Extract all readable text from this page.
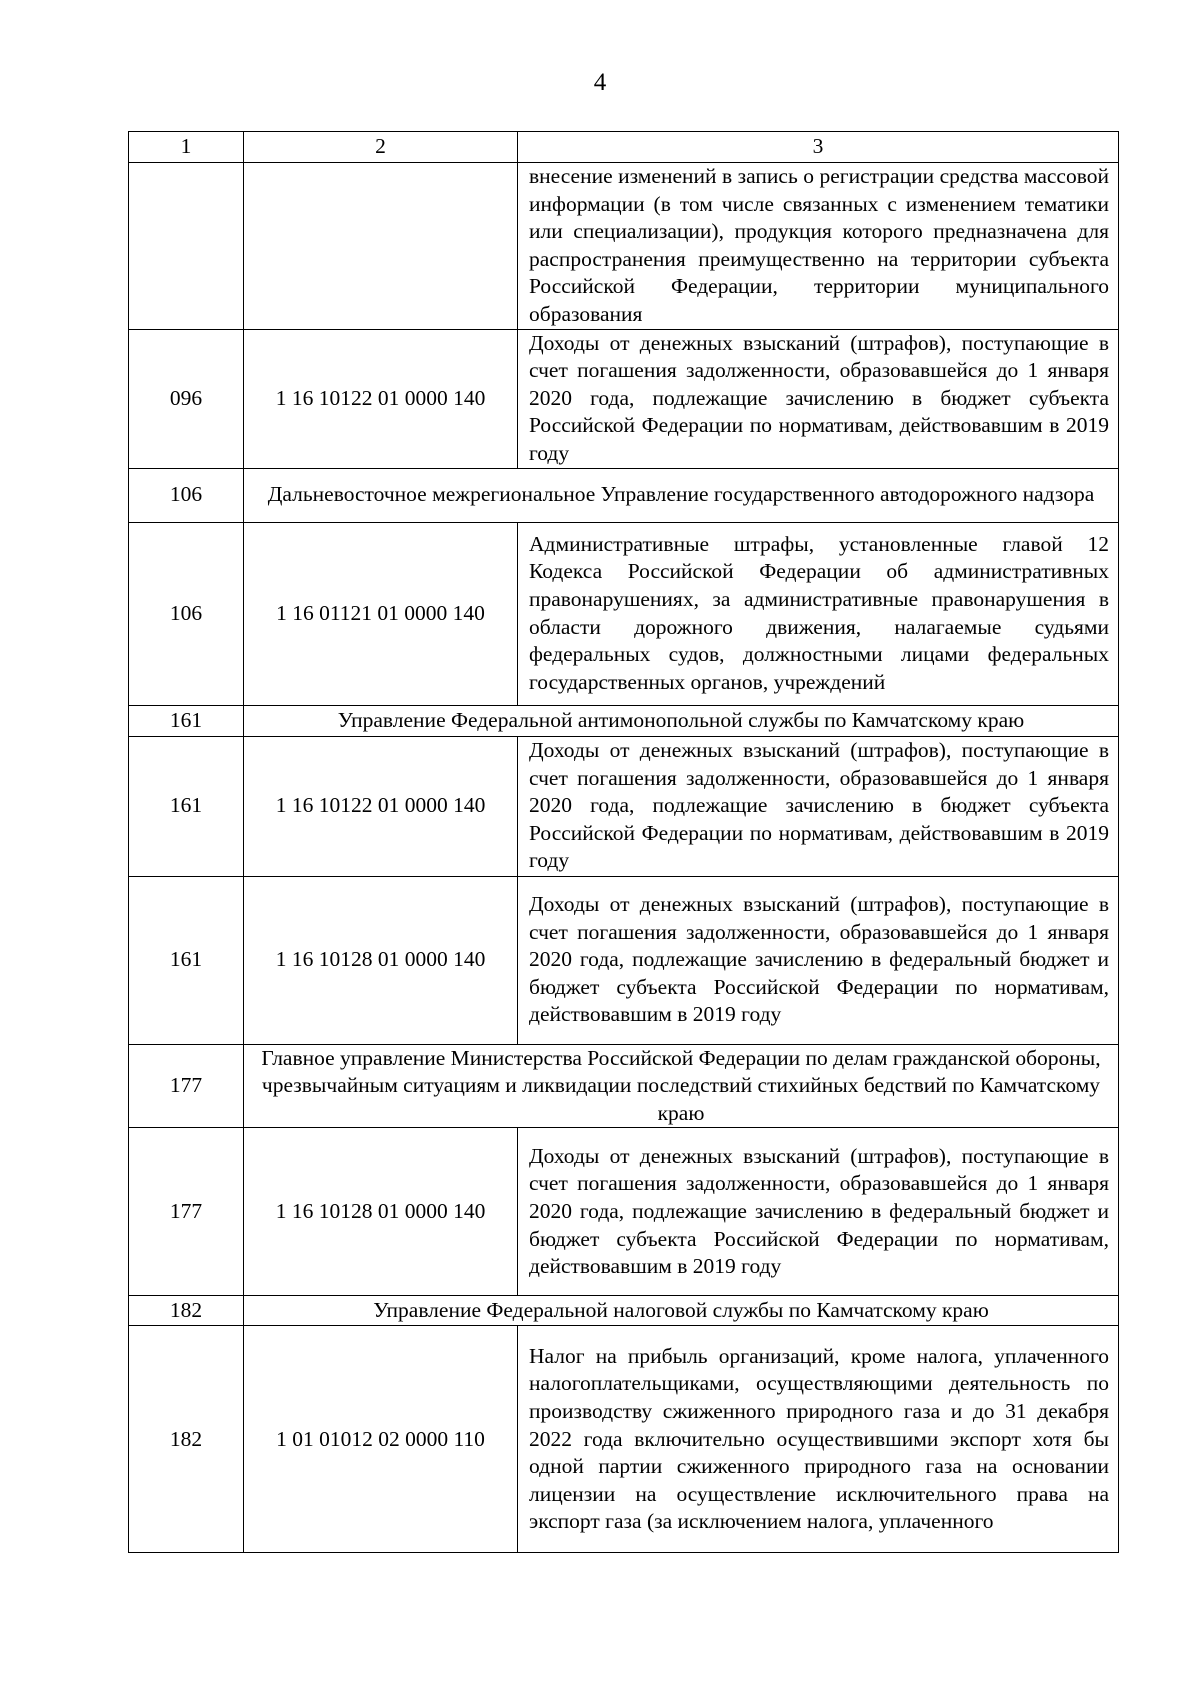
4
1	2	3
		внесение изменений в запись о регистрации средства массовой информации (в том числе связанных с изменением тематики или специализации), продукция которого предназначена для распространения преимущественно на территории субъекта Российской Федерации, территории муниципального образования
096	1 16 10122 01 0000 140	Доходы от денежных взысканий (штрафов), поступающие в счет погашения задолженности, образовавшейся до 1 января 2020 года, подлежащие зачислению в бюджет субъекта Российской Федерации по нормативам, действовавшим в 2019 году
106	Дальневосточное межрегиональное Управление государственного автодорожного надзора	
106	1 16 01121 01 0000 140	Административные штрафы, установленные главой 12 Кодекса Российской Федерации об административных правонарушениях, за административные правонарушения в области дорожного движения, налагаемые судьями федеральных судов, должностными лицами федеральных государственных органов, учреждений
161	Управление Федеральной антимонопольной службы по Камчатскому краю	
161	1 16 10122 01 0000 140	Доходы от денежных взысканий (штрафов), поступающие в счет погашения задолженности, образовавшейся до 1 января 2020 года, подлежащие зачислению в бюджет субъекта Российской Федерации по нормативам, действовавшим в 2019 году
161	1 16 10128 01 0000 140	Доходы от денежных взысканий (штрафов), поступающие в счет погашения задолженности, образовавшейся до 1 января 2020 года, подлежащие зачислению в федеральный бюджет и бюджет субъекта Российской Федерации по нормативам, действовавшим в 2019 году
177	Главное управление Министерства Российской Федерации по делам гражданской обороны, чрезвычайным ситуациям и ликвидации последствий стихийных бедствий по Камчатскому краю	
177	1 16 10128 01 0000 140	Доходы от денежных взысканий (штрафов), поступающие в счет погашения задолженности, образовавшейся до 1 января 2020 года, подлежащие зачислению в федеральный бюджет и бюджет субъекта Российской Федерации по нормативам, действовавшим в 2019 году
182	Управление Федеральной налоговой службы по Камчатскому краю	
182	1 01 01012 02 0000 110	Налог на прибыль организаций, кроме налога, уплаченного налогоплательщиками, осуществляющими деятельность по производству сжиженного природного газа и до 31 декабря 2022 года включительно осуществившими экспорт хотя бы одной партии сжиженного природного газа на основании лицензии на осуществление исключительного права на экспорт газа (за исключением налога, уплаченного
